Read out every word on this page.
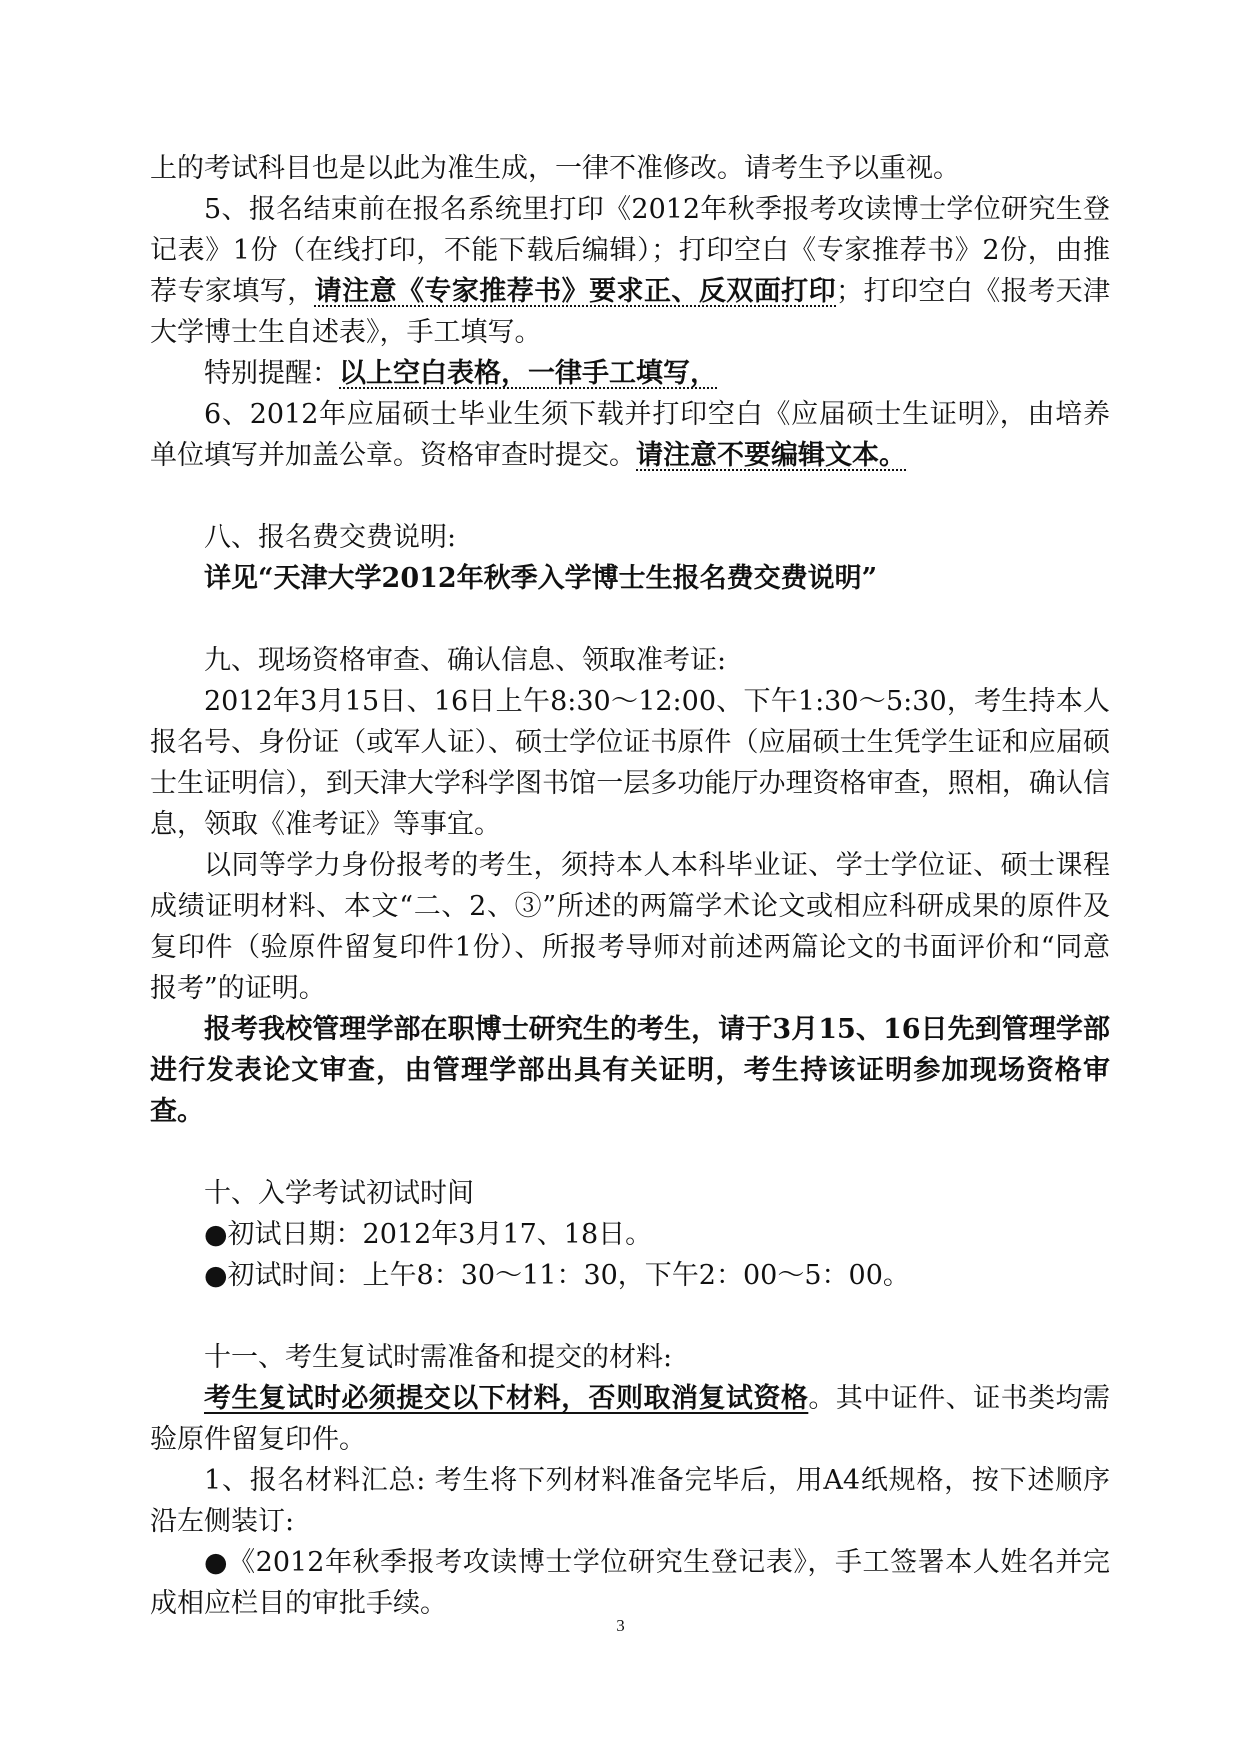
上的考试科目也是以此为准生成，一律不准修改。请考生予以重视。

5、报名结束前在报名系统里打印《2012年秋季报考攻读博士学位研究生登记表》1份（在线打印，不能下载后编辑）；打印空白《专家推荐书》2份，由推荐专家填写，请注意《专家推荐书》要求正、反双面打印；打印空白《报考天津大学博士生自述表》，手工填写。

特别提醒：以上空白表格，一律手工填写，

6、2012年应届硕士毕业生须下载并打印空白《应届硕士生证明》，由培养单位填写并加盖公章。资格审查时提交。请注意不要编辑文本。

八、报名费交费说明:

详见“天津大学2012年秋季入学博士生报名费交费说明”

九、现场资格审查、确认信息、领取准考证:

2012年3月15日、16日上午8:30～12:00、下午1:30～5:30，考生持本人报名号、身份证（或军人证）、硕士学位证书原件（应届硕士生凭学生证和应届硕士生证明信），到天津大学科学图书馆一层多功能厅办理资格审查，照相，确认信息，领取《准考证》等事宜。

以同等学力身份报考的考生，须持本人本科毕业证、学士学位证、硕士课程成绩证明材料、本文“二、2、③”所述的两篇学术论文或相应科研成果的原件及复印件（验原件留复印件1份）、所报考导师对前述两篇论文的书面评价和“同意报考”的证明。

报考我校管理学部在职博士研究生的考生，请于3月15、16日先到管理学部进行发表论文审查，由管理学部出具有关证明，考生持该证明参加现场资格审查。

十、入学考试初试时间

●初试日期：2012年3月17、18日。

●初试时间：上午8：30～11：30，下午2：00～5：00。

十一、考生复试时需准备和提交的材料:

考生复试时必须提交以下材料，否则取消复试资格。其中证件、证书类均需验原件留复印件。

1、报名材料汇总: 考生将下列材料准备完毕后，用A4纸规格，按下述顺序沿左侧装订:

●《2012年秋季报考攻读博士学位研究生登记表》，手工签署本人姓名并完成相应栏目的审批手续。

3
